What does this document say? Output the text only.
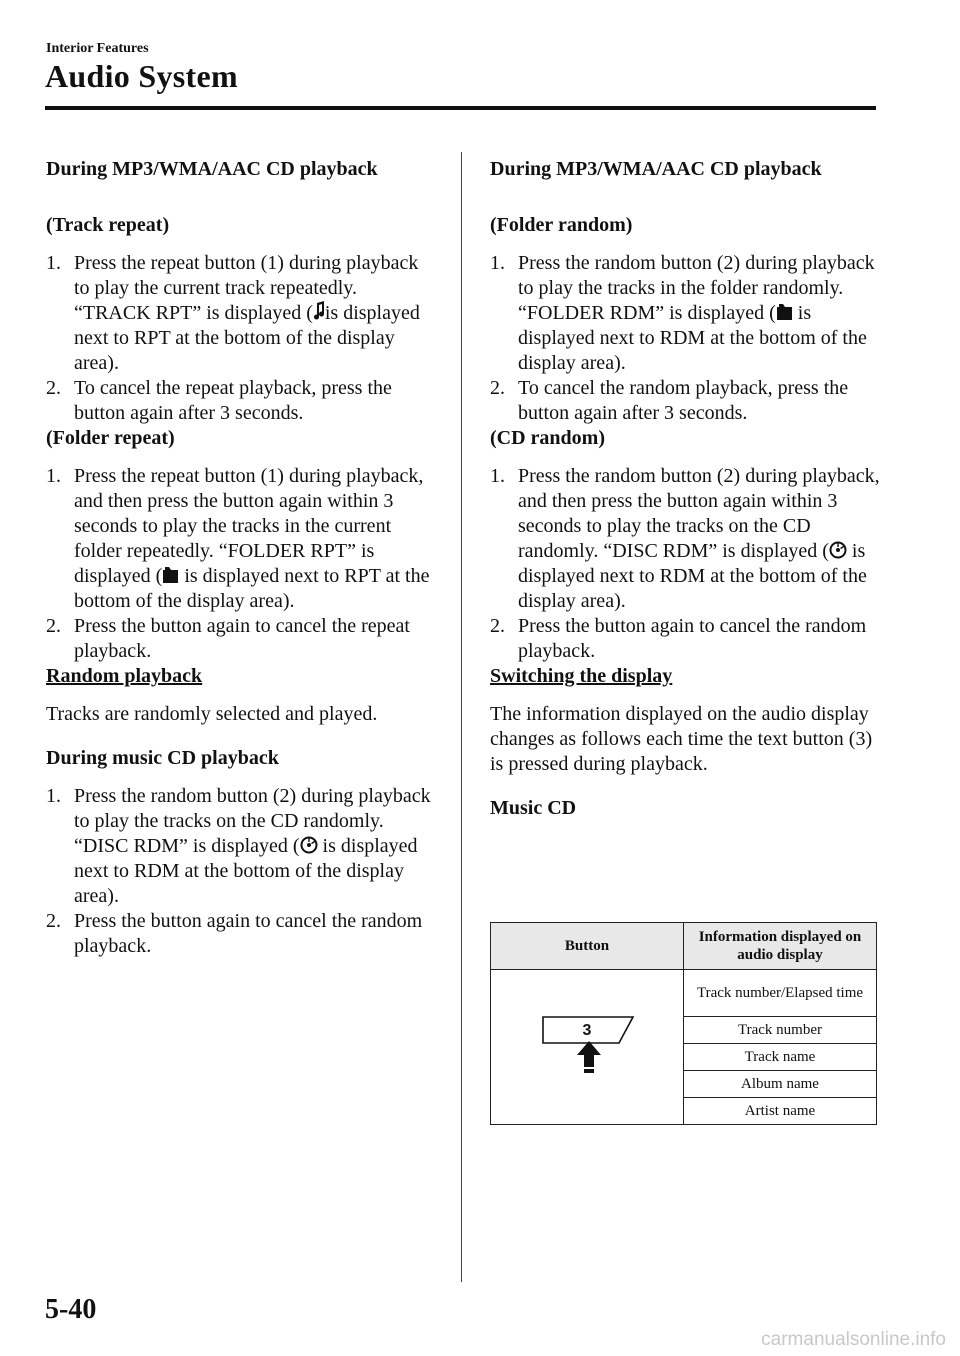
Interior Features
Audio System
During MP3/WMA/AAC CD playback
(Track repeat)
1. Press the repeat button (1) during playback to play the current track repeatedly. “TRACK RPT” is displayed ( is displayed next to RPT at the bottom of the display area).
2. To cancel the repeat playback, press the button again after 3 seconds.
(Folder repeat)
1. Press the repeat button (1) during playback, and then press the button again within 3 seconds to play the tracks in the current folder repeatedly. “FOLDER RPT” is displayed ( is displayed next to RPT at the bottom of the display area).
2. Press the button again to cancel the repeat playback.
Random playback
Tracks are randomly selected and played.
During music CD playback
1. Press the random button (2) during playback to play the tracks on the CD randomly. “DISC RDM” is displayed ( is displayed next to RDM at the bottom of the display area).
2. Press the button again to cancel the random playback.
During MP3/WMA/AAC CD playback
(Folder random)
1. Press the random button (2) during playback to play the tracks in the folder randomly. “FOLDER RDM” is displayed ( is displayed next to RDM at the bottom of the display area).
2. To cancel the random playback, press the button again after 3 seconds.
(CD random)
1. Press the random button (2) during playback, and then press the button again within 3 seconds to play the tracks on the CD randomly. “DISC RDM” is displayed ( is displayed next to RDM at the bottom of the display area).
2. Press the button again to cancel the random playback.
Switching the display
The information displayed on the audio display changes as follows each time the text button (3) is pressed during playback.
Music CD
Button	Information displayed on audio display

3	Track number/Elapsed time
	Track number
	Track name
	Album name
	Artist name
5-40
carmanualsonline.info
